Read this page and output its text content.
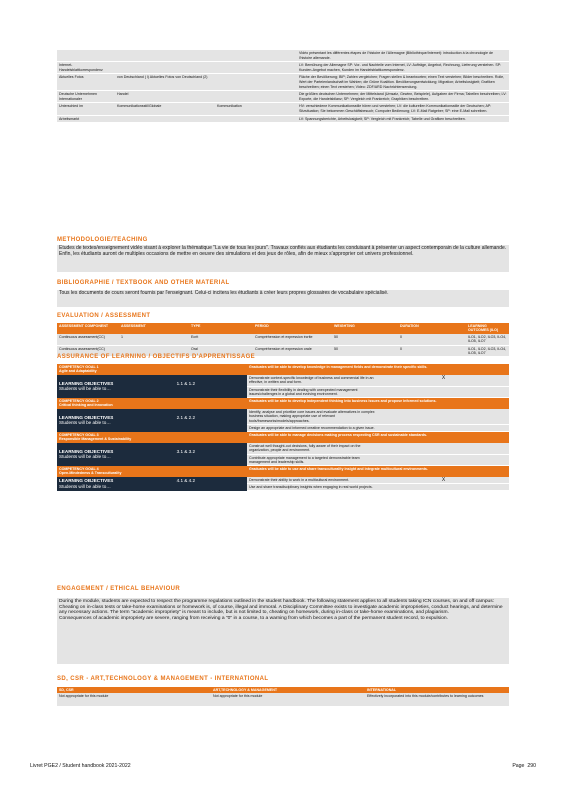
				Vidéo présentant les différentes étapes de l'histoire de l'Allemagne (Bibliothèque/Internet): introduction à la chronologie de l'histoire allemande.
Internet-Handelsblattkorrespondenz				LV: Bemühung der Allemagne SP: Vor- und Nachteile vom Internet, LV: Aufträge, Angebot, Rechnung, Lieferung verstehen. SP: Kunden-Angebot machen, Kunden im Handelsblattkorrespondenz.
Aktuelles Fotos	von Deutschland ( l) Aktuelles Fotos von Deutschland (2)			Fläche der Bevölkerung; BIP; Zahlen vergleichen; Fragen stellen & beantworten; einen Text verstehen; Bilder beschreiben. Rolle, Wert der Parteienlandschaft im Wahlen; die Grüne Koalition. Bevölkerungsentwicklung; Migration; Arbeitslosigkeit; Grafiken beschreiben; einen Text verstehen; Video: ZDF/ARD Nachrichtensendung.
Deutsche Unternehmen Internationaler	Handel			Die größten deutschen Unternehmen; der Mittelstand (Umsatz, Gewinn, Beispiele), Aufgaben der Firma; Tabellen beschreiben; LV: Exporte, die Handelsbilanz; SP: Vergleich mit Frankreich; Graphiken beschreiben.
Unterschied im	Kommunikationsstil/Globale	Kommunikation		HV: verschiedene Kommunikationsstile hören und verstehen; LV: die kulturellen Kommunikationsstile der Deutschen; AP: Sitzsituation; Sie bekommen Geschäftsbesuch; Computer Bedienung; LV: E-Mail Ratgeber; SP: eine E-Mail schreiben.
Arbeitsmarkt				LV: Spannungsberichte, Arbeitslosigkeit; SP: Vergleich mit Frankreich; Tabelle und Grafiken beschreiben.
METHODOLOGIE/TEACHING
Etudes de textes/enseignement vidéo visant à explorer la thématique "La vie de tous les jours". Travaux confiés aux étudiants les conduisant à présenter un aspect contemporain de la culture allemande. Enfin, les étudiants auront de multiples occasions de mettre en oeuvre des simulations et des jeux de rôles, afin de mieux s'approprier cet univers professionnel.
BIBLIOGRAPHIE / TEXTBOOK AND OTHER MATERIAL
Tous les documents de cours seront fournis par l'enseignant. Celui-ci incitera les étudiants à créer leurs propres glossaires de vocabulaire spécialisé.
EVALUATION / ASSESSMENT
ASSESSMENT COMPONENT	ASSESSMENT	TYPE	PERIOD	WEIGHTING	DURATION	LEARNING OUTCOMES (ILO)
Continuous assessment(CC)	1	Ecrit	Compréhension et expression écrite	50	0	ILO1, ILO2, ILO3, ILO4, ILO5, ILO7
Continuous assessment(CC)		Oral	Compréhension et expression orale	50	0	ILO1, ILO2, ILO3, ILO4, ILO5, ILO7
ASSURANCE OF LEARNING / OBJECTIFS D'APPRENTISSAGE
COMPETENCY GOAL 1
Agile and Adaptability	Graduates will be able to develop knowledge in management fields and demonstrate their specific skills.	
LEARNING OBJECTIVES 1.1 & 1.2

Students will be able to…	Demonstrate context-specific knowledge of business and commercial life in an effective, in written and oral form.	X
	Demonstrate their flexibility in dealing with unexpected management issues/challenges in a global and evolving environment.	
COMPETENCY GOAL 2
Critical thinking and Innovation	Graduates will be able to develop independent thinking into business issues and propose informed solutions.	
LEARNING OBJECTIVES 2.1 & 2.2

Students will be able to…	Identify, analyse and prioritize core issues and evaluate alternatives in complex business situation, making appropriate use of relevant tools/frameworks/models/approaches.	
	Design an appropriate and informed creative recommendation to a given issue.	
COMPETENCY GOAL 3
Responsible Management & Sustainability	Graduates will be able to manage decisions making process respecting CSR and sustainable standards.	
LEARNING OBJECTIVES 3.1 & 3.2

Students will be able to…	Construct well thought-out decisions, fully aware of their impact on the organization, people and environment.	
	Contribute appropriate management to a targeted demonstrable team management and leadership skills.	
COMPETENCY GOAL 4
Open-Mindedness & Transculturality	Graduates will be able to use and share transculturality insight and integrate multicultural environments.	
LEARNING OBJECTIVES 4.1 & 4.2

Students will be able to…	Demonstrate their ability to work in a multicultural environment.	X
	Use and share transdisciplinary insights when engaging in real world projects.	
ENGAGEMENT / ETHICAL BEHAVIOUR
During the module, students are expected to respect the programme regulations outlined in the student handbook. The following statement applies to all students taking ICN courses, on and off campus:
Cheating on in-class tests or take-home examinations or homework is, of course, illegal and immoral. A Disciplinary Committee exists to investigate academic improprieties, conduct hearings, and determine any necessary actions. The term "academic impropriety" is meant to include, but is not limited to, cheating on homework, during in-class or take-home examinations, and plagiarism.
Consequences of academic impropriety are severe, ranging from receiving a "0" in a course, to a warning from which becomes a part of the permanent student record, to expulsion.
SD, CSR - ART,TECHNOLOGY & MANAGEMENT - INTERNATIONAL
SD, CSR	ART,TECHNOLOGY & MANAGEMENT	INTERNATIONAL
Not appropriate for this module	Not appropriate for this module	Effectively incorporated into this module/contributes to learning outcomes
Livret PGE2 / Student handbook 2021-2022	Page 290
